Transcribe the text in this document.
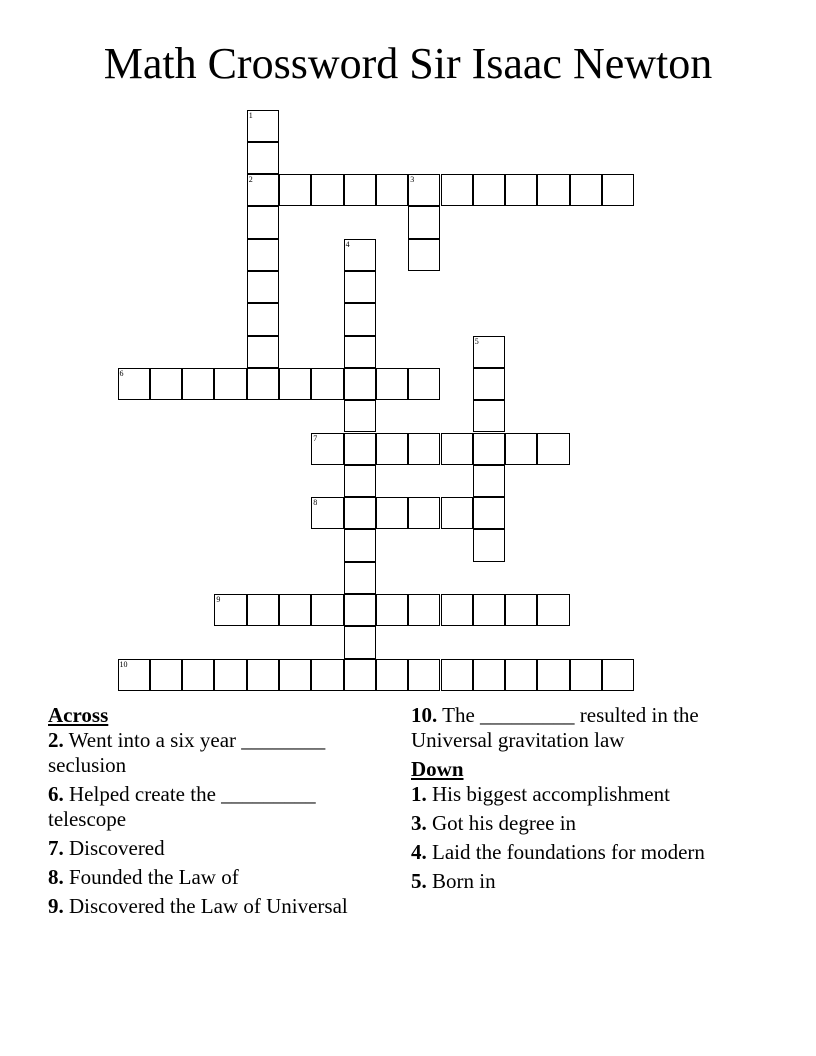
Math Crossword Sir Isaac Newton
1
2	3
4
5
6
7
8
9
10

Across

2. Went into a six year ________ seclusion

6. Helped create the _________ telescope

7. Discovered

8. Founded the Law of

9. Discovered the Law of Universal

10. The _________ resulted in the Universal gravitation law

Down

1. His biggest accomplishment

3. Got his degree in

4. Laid the foundations for modern

5. Born in
